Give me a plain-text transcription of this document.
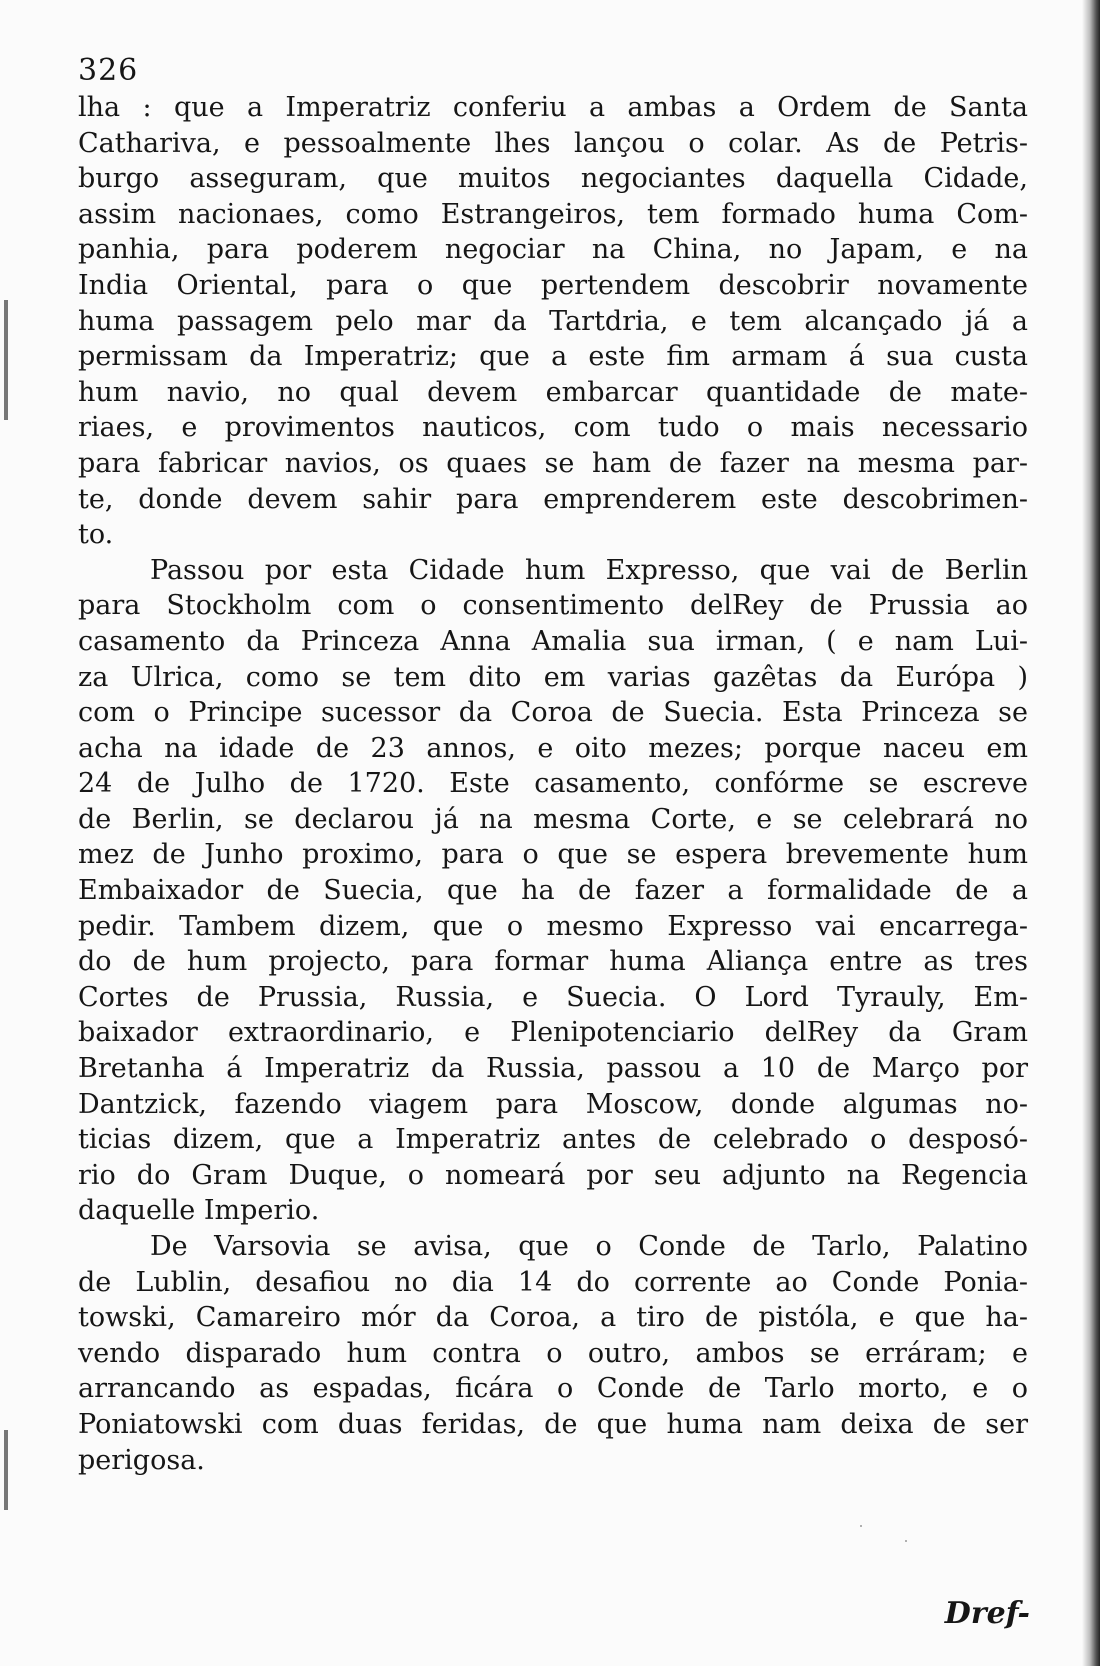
326
lha : que a Imperatriz conferiu a ambas a Ordem de Santa
Cathariva, e pessoalmente lhes lançou o colar. As de Petris-
burgo asseguram, que muitos negociantes daquella Cidade,
assim nacionaes, como Estrangeiros, tem formado huma Com-
panhia, para poderem negociar na China, no Japam, e na
India Oriental, para o que pertendem descobrir novamente
huma passagem pelo mar da Tartdria, e tem alcançado já a
permissam da Imperatriz; que a este fim armam á sua custa
hum navio, no qual devem embarcar quantidade de mate-
riaes, e provimentos nauticos, com tudo o mais necessario
para fabricar navios, os quaes se ham de fazer na mesma par-
te, donde devem sahir para emprenderem este descobrimen-
to.
Passou por esta Cidade hum Expresso, que vai de Berlin
para Stockholm com o consentimento delRey de Prussia ao
casamento da Princeza Anna Amalia sua irman, ( e nam Lui-
za Ulrica, como se tem dito em varias gazêtas da Európa )
com o Principe sucessor da Coroa de Suecia. Esta Princeza se
acha na idade de 23 annos, e oito mezes; porque naceu em
24 de Julho de 1720. Este casamento, confórme se escreve
de Berlin, se declarou já na mesma Corte, e se celebrará no
mez de Junho proximo, para o que se espera brevemente hum
Embaixador de Suecia, que ha de fazer a formalidade de a
pedir. Tambem dizem, que o mesmo Expresso vai encarrega-
do de hum projecto, para formar huma Aliança entre as tres
Cortes de Prussia, Russia, e Suecia. O Lord Tyrauly, Em-
baixador extraordinario, e Plenipotenciario delRey da Gram
Bretanha á Imperatriz da Russia, passou a 10 de Março por
Dantzick, fazendo viagem para Moscow, donde algumas no-
ticias dizem, que a Imperatriz antes de celebrado o desposó-
rio do Gram Duque, o nomeará por seu adjunto na Regencia
daquelle Imperio.
De Varsovia se avisa, que o Conde de Tarlo, Palatino
de Lublin, desafiou no dia 14 do corrente ao Conde Ponia-
towski, Camareiro mór da Coroa, a tiro de pistóla, e que ha-
vendo disparado hum contra o outro, ambos se erráram; e
arrancando as espadas, ficára o Conde de Tarlo morto, e o
Poniatowski com duas feridas, de que huma nam deixa de ser
perigosa.
Dref-
